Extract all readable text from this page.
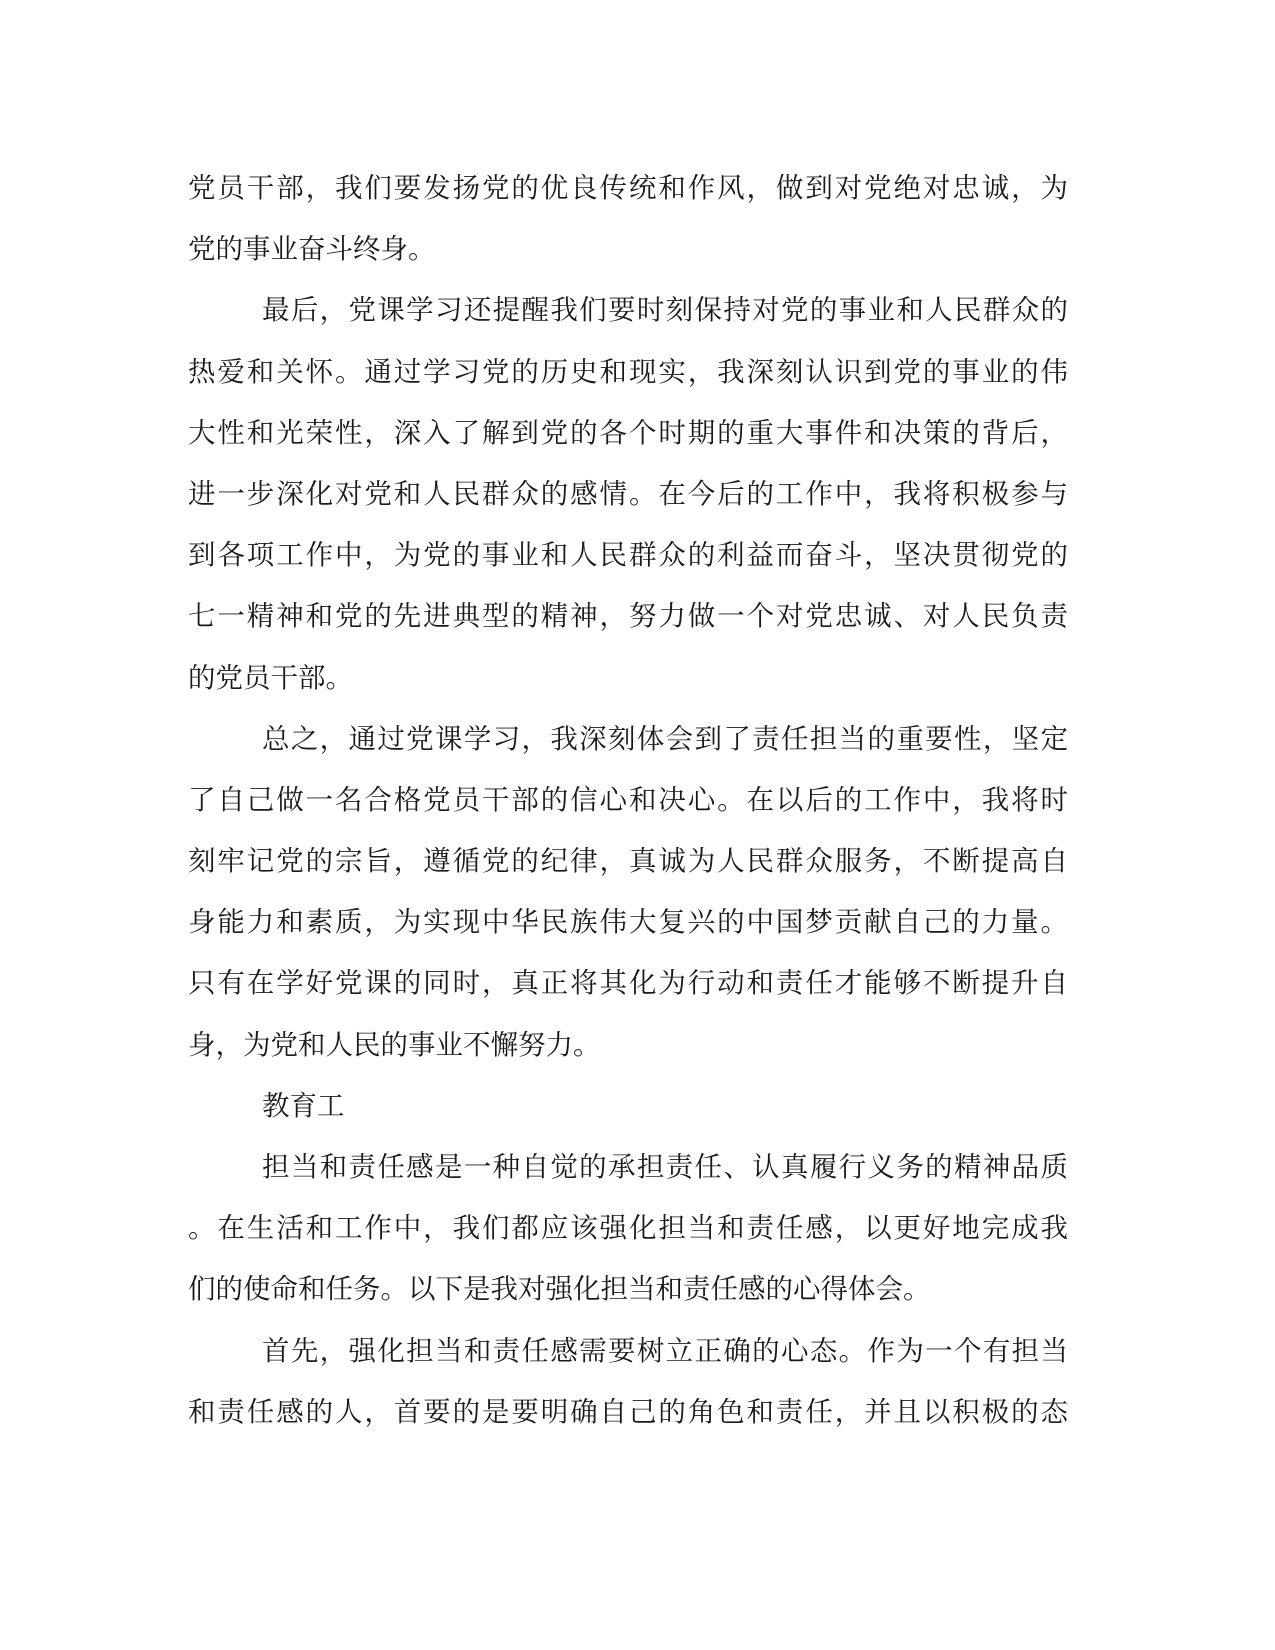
党员干部，我们要发扬党的优良传统和作风，做到对党绝对忠诚，为
党的事业奋斗终身。
最后，党课学习还提醒我们要时刻保持对党的事业和人民群众的
热爱和关怀。通过学习党的历史和现实，我深刻认识到党的事业的伟
大性和光荣性，深入了解到党的各个时期的重大事件和决策的背后，
进一步深化对党和人民群众的感情。在今后的工作中，我将积极参与
到各项工作中，为党的事业和人民群众的利益而奋斗，坚决贯彻党的
七一精神和党的先进典型的精神，努力做一个对党忠诚、对人民负责
的党员干部。
总之，通过党课学习，我深刻体会到了责任担当的重要性，坚定
了自己做一名合格党员干部的信心和决心。在以后的工作中，我将时
刻牢记党的宗旨，遵循党的纪律，真诚为人民群众服务，不断提高自
身能力和素质，为实现中华民族伟大复兴的中国梦贡献自己的力量。
只有在学好党课的同时，真正将其化为行动和责任才能够不断提升自
身，为党和人民的事业不懈努力。
教育工
担当和责任感是一种自觉的承担责任、认真履行义务的精神品质
。在生活和工作中，我们都应该强化担当和责任感，以更好地完成我
们的使命和任务。以下是我对强化担当和责任感的心得体会。
首先，强化担当和责任感需要树立正确的心态。作为一个有担当
和责任感的人，首要的是要明确自己的角色和责任，并且以积极的态
